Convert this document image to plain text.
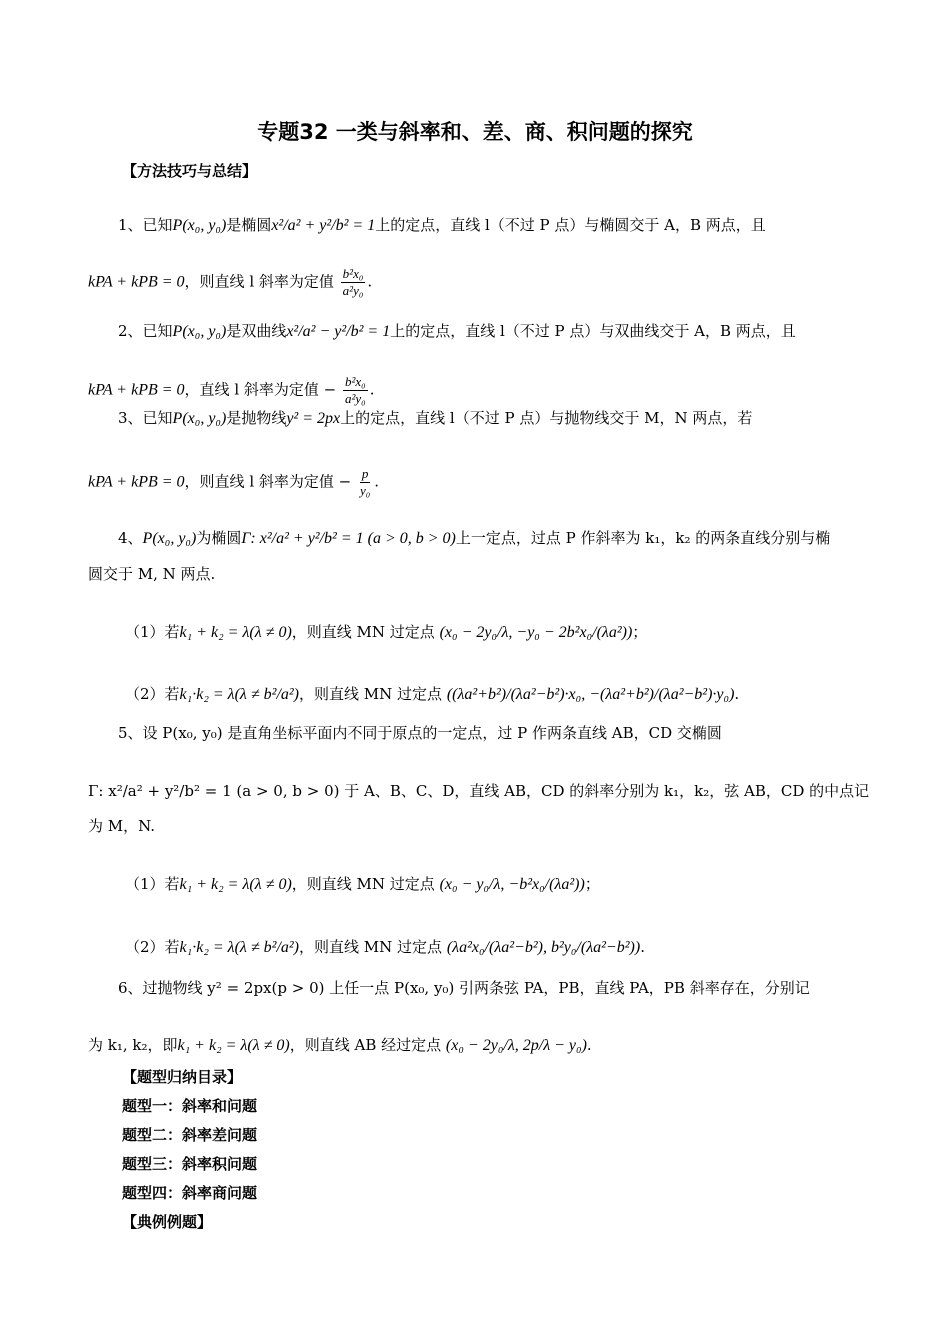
专题32 一类与斜率和、差、商、积问题的探究
【方法技巧与总结】
1、已知P(x₀, y₀)是椭圆x²/a² + y²/b² = 1上的定点，直线 l（不过 P 点）与椭圆交于 A，B 两点，且
kPA + kPB = 0，则直线 l 斜率为定值 $\frac{\text{b²x₀}}{\text{a²y₀}}$ .
2、已知P(x₀, y₀)是双曲线x²/a² − y²/b² = 1上的定点，直线 l（不过 P 点）与双曲线交于 A，B 两点，且
kPA + kPB = 0，直线 l 斜率为定值 − $\frac{\text{b²x₀}}{\text{a²y₀}}$ .
3、已知P(x₀, y₀)是抛物线y² = 2px上的定点，直线 l（不过 P 点）与抛物线交于 M，N 两点，若
kPA + kPB = 0，则直线 l 斜率为定值 − $\frac{p}{\text{y₀}}$ .
4、P(x₀, y₀)为椭圆Γ: x²/a² + y²/b² = 1 (a > 0, b > 0)上一定点，过点 P 作斜率为 k₁，k₂ 的两条直线分别与椭
圆交于 M, N 两点.
（1）若k₁ + k₂ = λ(λ ≠ 0)，则直线 MN 过定点 (x₀ − 2y₀/λ, −y₀ − 2b²x₀/(λa²))；
（2）若k₁·k₂ = λ(λ ≠ b²/a²)，则直线 MN 过定点 ((λa²+b²)/(λa²−b²)·x₀, −(λa²+b²)/(λa²−b²)·y₀).
5、设 P(x₀, y₀) 是直角坐标平面内不同于原点的一定点，过 P 作两条直线 AB，CD 交椭圆
Γ: x²/a² + y²/b² = 1 (a > 0, b > 0) 于 A、B、C、D，直线 AB，CD 的斜率分别为 k₁，k₂，弦 AB，CD 的中点记
为 M，N.
（1）若k₁ + k₂ = λ(λ ≠ 0)，则直线 MN 过定点 (x₀ − y₀/λ, −b²x₀/(λa²))；
（2）若k₁·k₂ = λ(λ ≠ b²/a²)，则直线 MN 过定点 (λa²x₀/(λa²−b²), b²y₀/(λa²−b²)).
6、过抛物线 y² = 2px(p > 0) 上任一点 P(x₀, y₀) 引两条弦 PA，PB，直线 PA，PB 斜率存在，分别记
为 k₁, k₂，即k₁ + k₂ = λ(λ ≠ 0)，则直线 AB 经过定点 (x₀ − 2y₀/λ, 2p/λ − y₀).
【题型归纳目录】
题型一：斜率和问题
题型二：斜率差问题
题型三：斜率积问题
题型四：斜率商问题
【典例例题】
